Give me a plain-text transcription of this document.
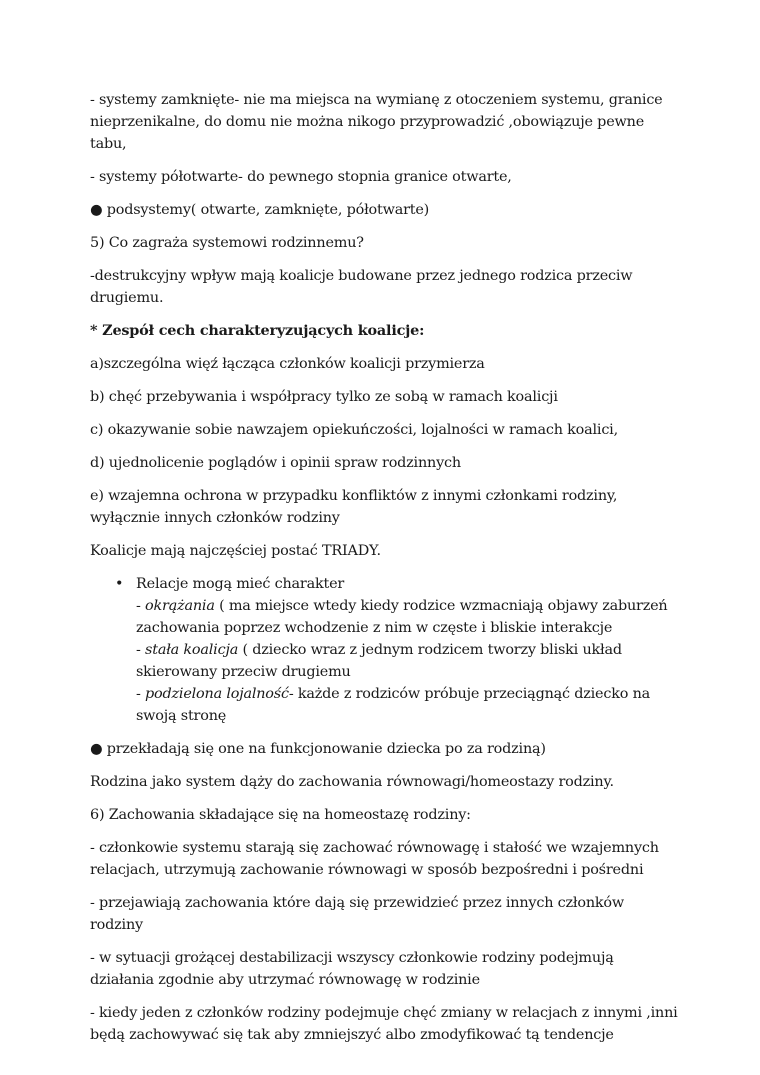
- systemy zamknięte- nie ma miejsca na wymianę z otoczeniem systemu, granice nieprzenikalne, do domu nie można nikogo przyprowadzić ,obowiązuje pewne tabu,

- systemy półotwarte- do pewnego stopnia granice otwarte,

● podsystemy( otwarte, zamknięte, półotwarte)

5) Co zagraża systemowi rodzinnemu?

-destrukcyjny wpływ mają koalicje budowane przez jednego rodzica przeciw drugiemu.

* Zespół cech charakteryzujących koalicje:

a)szczególna więź łącząca członków koalicji przymierza

b) chęć przebywania i współpracy tylko ze sobą w ramach koalicji

c) okazywanie sobie nawzajem opiekuńczości, lojalności w ramach koalici,

d) ujednolicenie poglądów i opinii spraw rodzinnych

e) wzajemna ochrona w przypadku konfliktów z innymi członkami rodziny, wyłącznie innych członków rodziny

Koalicje mają najczęściej postać TRIADY.

• Relacje mogą mieć charakter
- okrążania ( ma miejsce wtedy kiedy rodzice wzmacniają objawy zaburzeń zachowania poprzez wchodzenie z nim w częste i bliskie interakcje
- stała koalicja ( dziecko wraz z jednym rodzicem tworzy bliski układ skierowany przeciw drugiemu
- podzielona lojalność- każde z rodziców próbuje przeciągnąć dziecko na swoją stronę

● przekładają się one na funkcjonowanie dziecka po za rodziną)

Rodzina jako system dąży do zachowania równowagi/homeostazy rodziny.

6) Zachowania składające się na homeostazę rodziny:

- członkowie systemu starają się zachować równowagę i stałość we wzajemnych relacjach, utrzymują zachowanie równowagi w sposób bezpośredni i pośredni

- przejawiają zachowania które dają się przewidzieć przez innych członków rodziny

- w sytuacji grożącej destabilizacji wszyscy członkowie rodziny podejmują działania zgodnie aby utrzymać równowagę w rodzinie

- kiedy jeden z członków rodziny podejmuje chęć zmiany w relacjach z innymi ,inni będą zachowywać się tak aby zmniejszyć albo zmodyfikować tą tendencje
